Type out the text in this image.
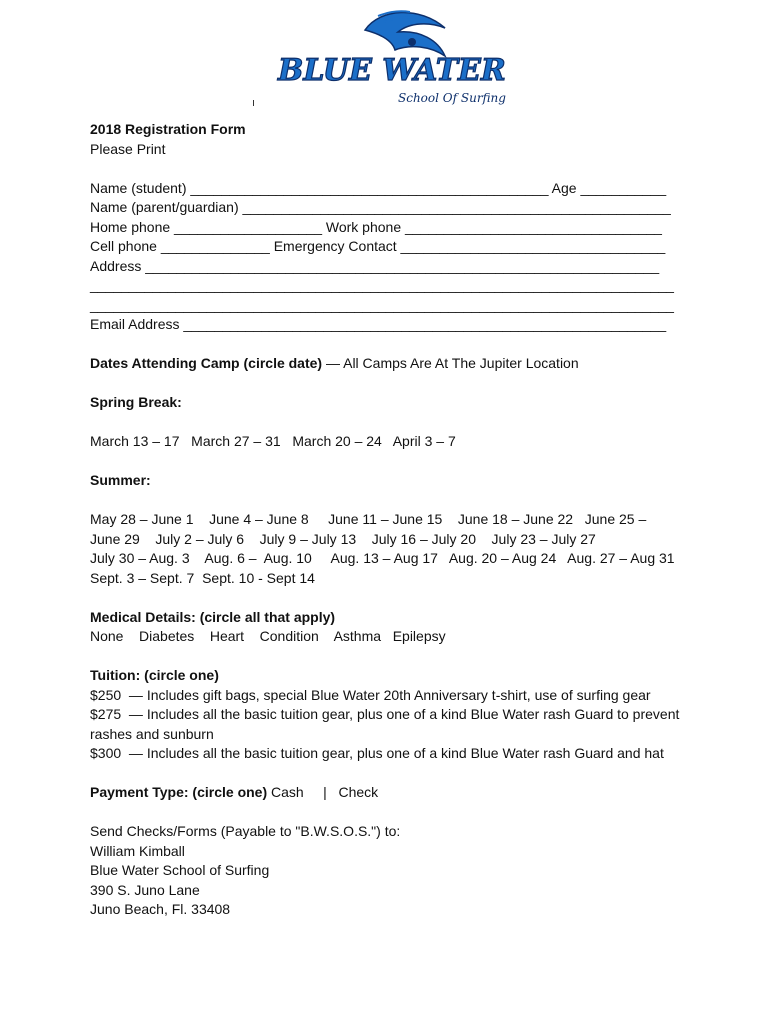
BLUE WATER
School Of Surfing
2018 Registration Form
Please Print
Name (student) ______________________________________________ Age ___________
Name (parent/guardian) _______________________________________________________
Home phone ___________________ Work phone _________________________________
Cell phone ______________ Emergency Contact __________________________________
Address __________________________________________________________________
___________________________________________________________________________
___________________________________________________________________________
Email Address ______________________________________________________________
Dates Attending Camp (circle date) — All Camps Are At The Jupiter Location
Spring Break:
March 13 – 17   March 27 – 31   March 20 – 24   April 3 – 7
Summer:
May 28 – June 1    June 4 – June 8     June 11 – June 15    June 18 – June 22   June 25 –
June 29    July 2 – July 6    July 9 – July 13    July 16 – July 20    July 23 – July 27
July 30 – Aug. 3    Aug. 6 –  Aug. 10     Aug. 13 – Aug 17   Aug. 20 – Aug 24   Aug. 27 – Aug 31
Sept. 3 – Sept. 7  Sept. 10 - Sept 14
Medical Details: (circle all that apply)
None    Diabetes    Heart    Condition    Asthma   Epilepsy
Tuition: (circle one)
$250  — Includes gift bags, special Blue Water 20th Anniversary t-shirt, use of surfing gear
$275  — Includes all the basic tuition gear, plus one of a kind Blue Water rash Guard to prevent
rashes and sunburn
$300  — Includes all the basic tuition gear, plus one of a kind Blue Water rash Guard and hat
Payment Type: (circle one) Cash     |   Check
Send Checks/Forms (Payable to "B.W.S.O.S.") to:
William Kimball
Blue Water School of Surfing
390 S. Juno Lane
Juno Beach, Fl. 33408
